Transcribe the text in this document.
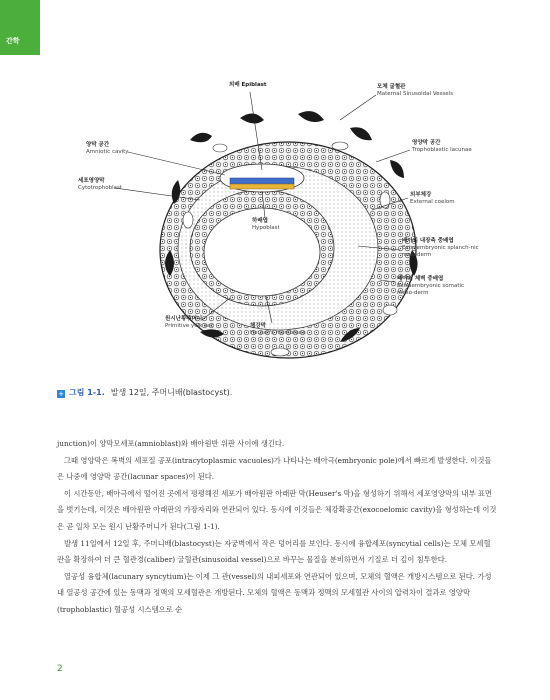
간학
외배 Epiblast	모체 굴혈관
Maternal Sinusoidal Vessels
양막 공간
Amniotic cavity
영양막 공간
Trophoblastic lacunae
세포영양막
Cytotrophoblast
하배엽
Hypoblast
외부체강
External coelom
배아외 내장측 중배엽
Extraembryonic splanch-nic mesoderm
배아외 체벽 중배엽
Extraembryonic somatic meso-derm
원시난황주머니
Primitive yolk sac	체강막
Heuser's membrane
+ 그림 1-1. 발생 12일, 주머니배(blastocyst).

junction)이 양막모세포(amnioblast)와 배아원반 위판 사이에 생긴다.

그때 영양막은 복벽의 세포질 공포(intracytoplasmic vacuoles)가 나타나는 배아극(embryonic pole)에서 빠르게 발생한다. 이것들은 나중에 영양막 공간(lacunar spaces)이 된다.

이 시간동안, 배아극에서 떨어진 곳에서 평평해진 세포가 배아원판 아래판 막(Heuser's 막)을 형성하기 위해서 세포영양막의 내부 표면을 벗기는데, 이것은 배아원판 아래판의 가장자리와 연관되어 있다. 동시에 이것들은 체강확공간(exocoelomic cavity)을 형성하는데 이것은 곧 일차 모는 원시 난황주머니가 된다(그림 1-1).

발생 11일에서 12일 후, 주머니배(blastocyst)는 자궁벽에서 작은 덩어리를 보인다. 동시에 융합세포(syncytial cells)는 모체 모세혈관을 확장하여 더 큰 혈관경(caliber) 굴혈관(sinusoidal vessel)으로 바꾸는 물질을 분비하면서 기질로 더 깊이 침투한다.

열공성 융합체(lacunary syncytium)는 이제 그 관(vessel)의 내피세포와 연관되어 있으며, 모체의 혈액은 개방시스템으로 된다. 가성내 열공성 공간에 있는 동맥과 정맥의 모세혈관은 개방된다. 모체의 혈액은 동맥과 정맥의 모세혈관 사이의 압력차이 결과로 영양막(trophoblastic) 혈공성 시스템으로 순

2
